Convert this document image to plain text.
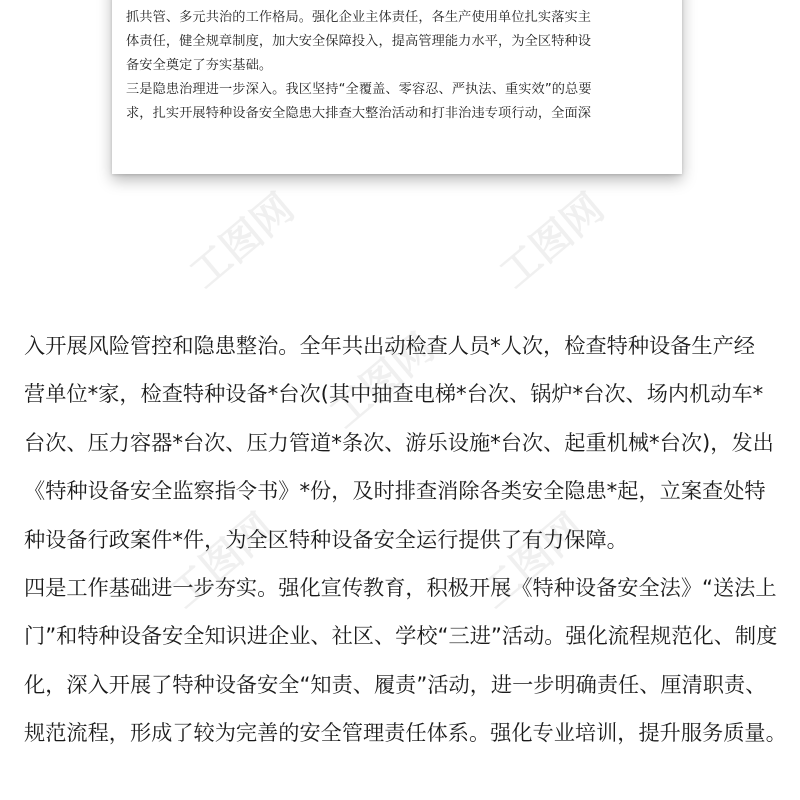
抓共管、多元共治的工作格局。强化企业主体责任，各生产使用单位扎实落实主
体责任，健全规章制度，加大安全保障投入，提高管理能力水平，为全区特种设
备安全奠定了夯实基础。
三是隐患治理进一步深入。我区坚持“全覆盖、零容忍、严执法、重实效”的总要
求，扎实开展特种设备安全隐患大排查大整治活动和打非治违专项行动，全面深
工图网	工图网
工图网
工图网	工图网
入开展风险管控和隐患整治。全年共出动检查人员*人次，检查特种设备生产经
营单位*家，检查特种设备*台次(其中抽查电梯*台次、锅炉*台次、场内机动车*
台次、压力容器*台次、压力管道*条次、游乐设施*台次、起重机械*台次)，发出
《特种设备安全监察指令书》*份，及时排查消除各类安全隐患*起，立案查处特
种设备行政案件*件，为全区特种设备安全运行提供了有力保障。
四是工作基础进一步夯实。强化宣传教育，积极开展《特种设备安全法》“送法上
门”和特种设备安全知识进企业、社区、学校“三进”活动。强化流程规范化、制度
化，深入开展了特种设备安全“知责、履责”活动，进一步明确责任、厘清职责、
规范流程，形成了较为完善的安全管理责任体系。强化专业培训，提升服务质量。
